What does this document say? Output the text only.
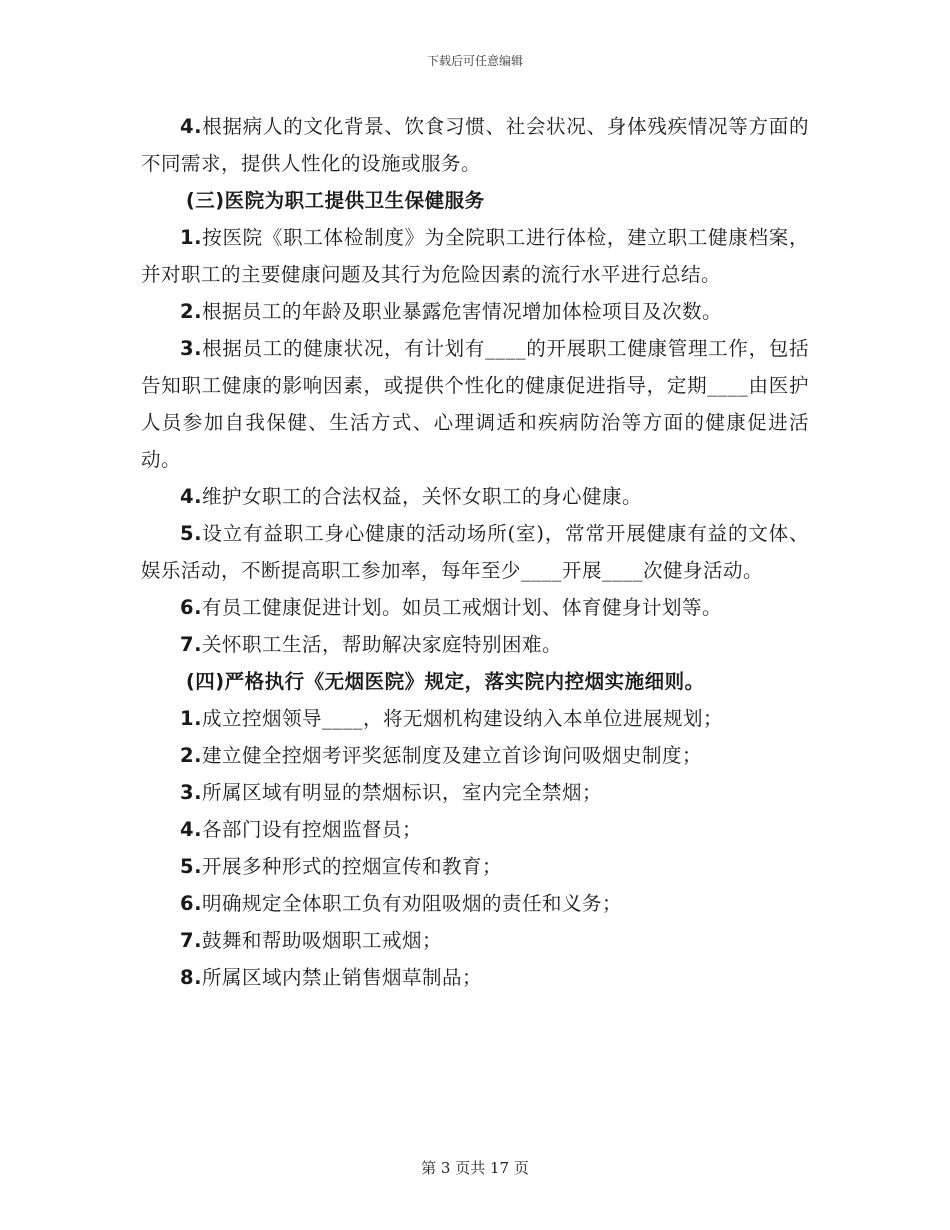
下载后可任意编辑

4.根据病人的文化背景、饮食习惯、社会状况、身体残疾情况等方面的不同需求，提供人性化的设施或服务。

(三)医院为职工提供卫生保健服务

1.按医院《职工体检制度》为全院职工进行体检，建立职工健康档案，并对职工的主要健康问题及其行为危险因素的流行水平进行总结。

2.根据员工的年龄及职业暴露危害情况增加体检项目及次数。

3.根据员工的健康状况，有计划有____的开展职工健康管理工作，包括告知职工健康的影响因素，或提供个性化的健康促进指导，定期____由医护人员参加自我保健、生活方式、心理调适和疾病防治等方面的健康促进活动。

4.维护女职工的合法权益，关怀女职工的身心健康。

5.设立有益职工身心健康的活动场所(室)，常常开展健康有益的文体、娱乐活动，不断提高职工参加率，每年至少____开展____次健身活动。

6.有员工健康促进计划。如员工戒烟计划、体育健身计划等。

7.关怀职工生活，帮助解决家庭特别困难。

(四)严格执行《无烟医院》规定，落实院内控烟实施细则。

1.成立控烟领导____，将无烟机构建设纳入本单位进展规划；

2.建立健全控烟考评奖惩制度及建立首诊询问吸烟史制度；

3.所属区域有明显的禁烟标识，室内完全禁烟；

4.各部门设有控烟监督员；

5.开展多种形式的控烟宣传和教育；

6.明确规定全体职工负有劝阻吸烟的责任和义务；

7.鼓舞和帮助吸烟职工戒烟；

8.所属区域内禁止销售烟草制品；

第 3 页共 17 页
